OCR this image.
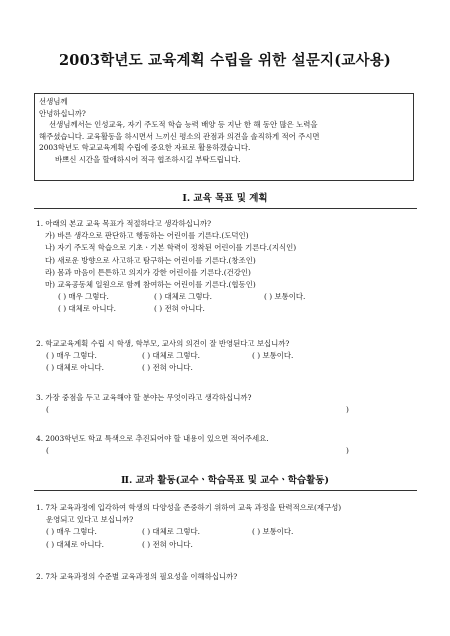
2003학년도 교육계획 수립을 위한 설문지(교사용)
선생님께
안녕하십니까?
선생님께서는 인성교육, 자기 주도적 학습 능력 배양 등 지난 한 해 동안 많은 노력을
해주셨습니다. 교육활동을 하시면서 느끼신 평소의 관점과 의견을 솔직하게 적어 주시면
2003학년도 학교교육계획 수립에 중요한 자료로 활용하겠습니다.
바쁘신 시간을 할애하시어 적극 협조하시길 부탁드립니다.
Ⅰ. 교육 목표 및 계획
1. 아래의 본교 교육 목표가 적절하다고 생각하십니까?
가) 바른 생각으로 판단하고 행동하는 어린이를 기른다.(도덕인)
나) 자기 주도적 학습으로 기초ㆍ기본 학력이 정착된 어린이를 기른다.(지식인)
다) 새로운 방향으로 사고하고 탐구하는 어린이를 기른다.(창조인)
라) 몸과 마음이 튼튼하고 의지가 강한 어린이를 기른다.(건강인)
마) 교육공동체 일원으로 함께 참여하는 어린이를 기른다.(협동인)
( ) 매우 그렇다.	( ) 대체로 그렇다.	( ) 보통이다.
( ) 대체로 아니다.	( ) 전혀 아니다.
2. 학교교육계획 수립 시 학생, 학부모, 교사의 의견이 잘 반영된다고 보십니까?
( ) 매우 그렇다.	( ) 대체로 그렇다.	( ) 보통이다.
( ) 대체로 아니다.	( ) 전혀 아니다.
3. 가장 중점을 두고 교육해야 할 분야는 무엇이라고 생각하십니까?
(	)
4. 2003학년도 학교 특색으로 추진되어야 할 내용이 있으면 적어주세요.
(	)
Ⅱ. 교과 활동(교수ㆍ학습목표 및 교수ㆍ학습활동)
1. 7차 교육과정에 입각하여 학생의 다양성을 존중하기 위하여 교육 과정을 탄력적으로(재구성)
운영되고 있다고 보십니까?
( ) 매우 그렇다.	( ) 대체로 그렇다.	( ) 보통이다.
( ) 대체로 아니다.	( ) 전혀 아니다.
2. 7차 교육과정의 수준별 교육과정의 필요성을 이해하십니까?
